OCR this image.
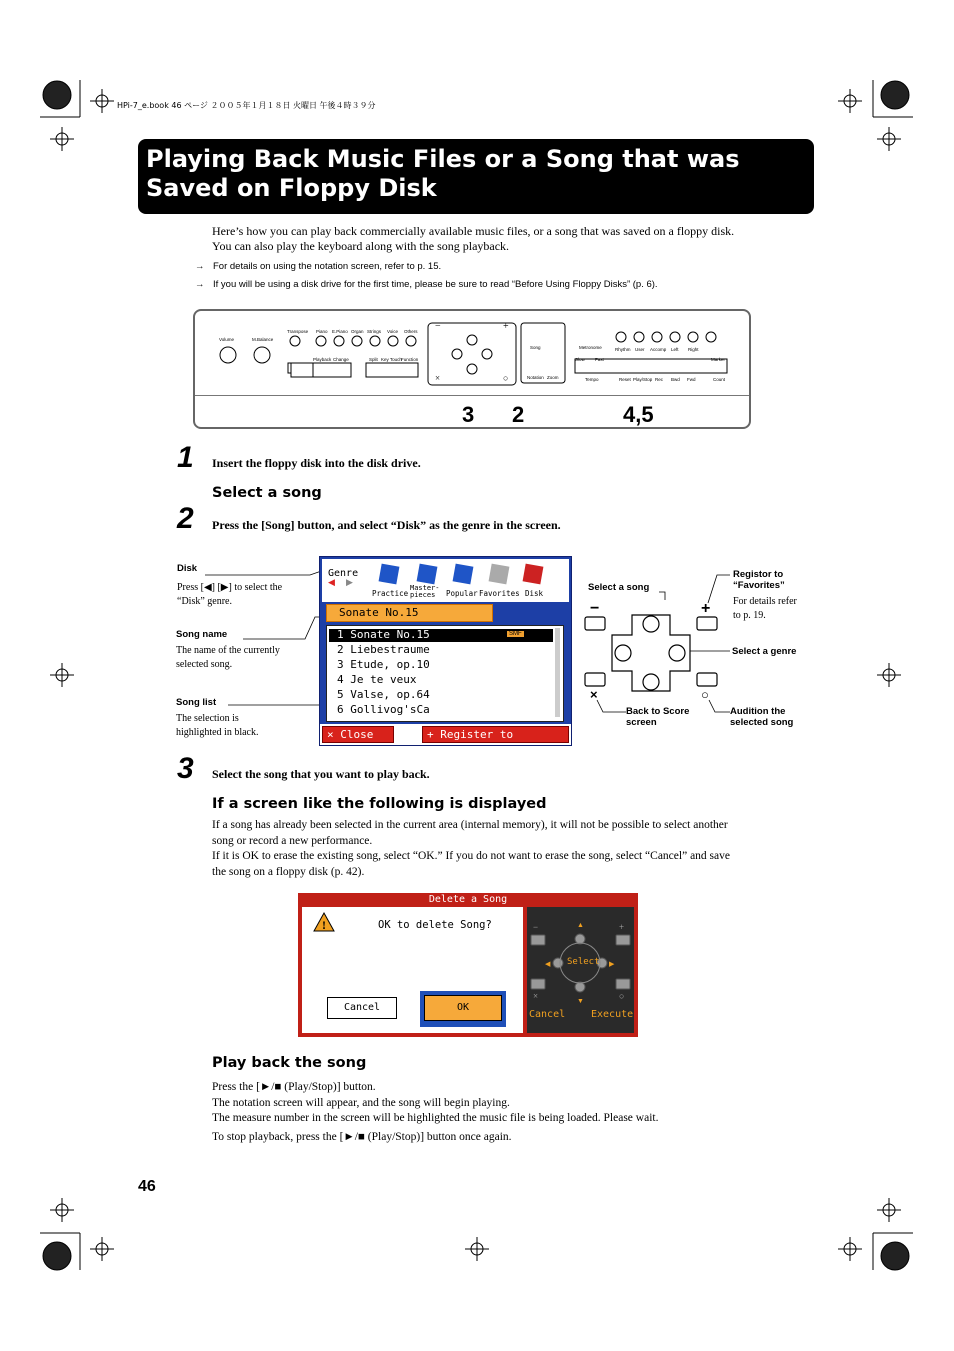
HPi-7_e.book 46 ページ ２００５年１月１８日 火曜日 午後４時３９分
Playing Back Music Files or a Song that was Saved on Floppy Disk
Here’s how you can play back commercially available music files, or a song that was saved on a floppy disk. You can also play the keyboard along with the song playback.
→ For details on using the notation screen, refer to p. 15.
→ If you will be using a disk drive for the first time, please be sure to read “Before Using Floppy Disks” (p. 6).
−	+
×	○
Volume	M.Balance
Transpose Piano E.Piano Organ Strings Voice Others
Playback Change	Split Key Touch Function
Song
Notation Zoom
Metronome
Slow Fast
Tempo
Rhythm User Accomp Left Right
Marker
Reset Play/Stop Rec Bwd Fwd	Count
3 2	4,5
1 Insert the floppy disk into the disk drive.
Select a song
2 Press the [Song] button, and select “Disk” as the genre in the screen.
Disk
Press [◀] [▶] to select the “Disk” genre.
Song name
The name of the currently selected song.
Song list
The selection is highlighted in black.
Genre
◀ ▶
Practice
Master-pieces	Popular Favorites Disk
Sonate No.15
1 Sonate No.15	SMF
2 Liebestraume
3 Etude, op.10
4 Je te veux
5 Valse, op.64
6 Gollivog'sCa
× Close	+ Register to Favorites
−	+
×	○
Select a song
Registor to “Favorites”
For details refer to p. 19.
Select a genre
Back to Score screen
Audition the selected song
3 Select the song that you want to play back.
If a screen like the following is displayed
If a song has already been selected in the current area (internal memory), it will not be possible to select another song or record a new performance.
If it is OK to erase the existing song, select “OK.” If you do not want to erase the song, select “Cancel” and save the song on a floppy disk (p. 42).
Delete a Song
!	OK to delete Song?
Cancel	OK
−	+
×	○
◀	▶
▲
▼
Select
Cancel	Execute
Play back the song
Press the [►/■ (Play/Stop)] button.
The notation screen will appear, and the song will begin playing.
The measure number in the screen will be highlighted the music file is being loaded. Please wait.
To stop playback, press the [►/■ (Play/Stop)] button once again.
46
